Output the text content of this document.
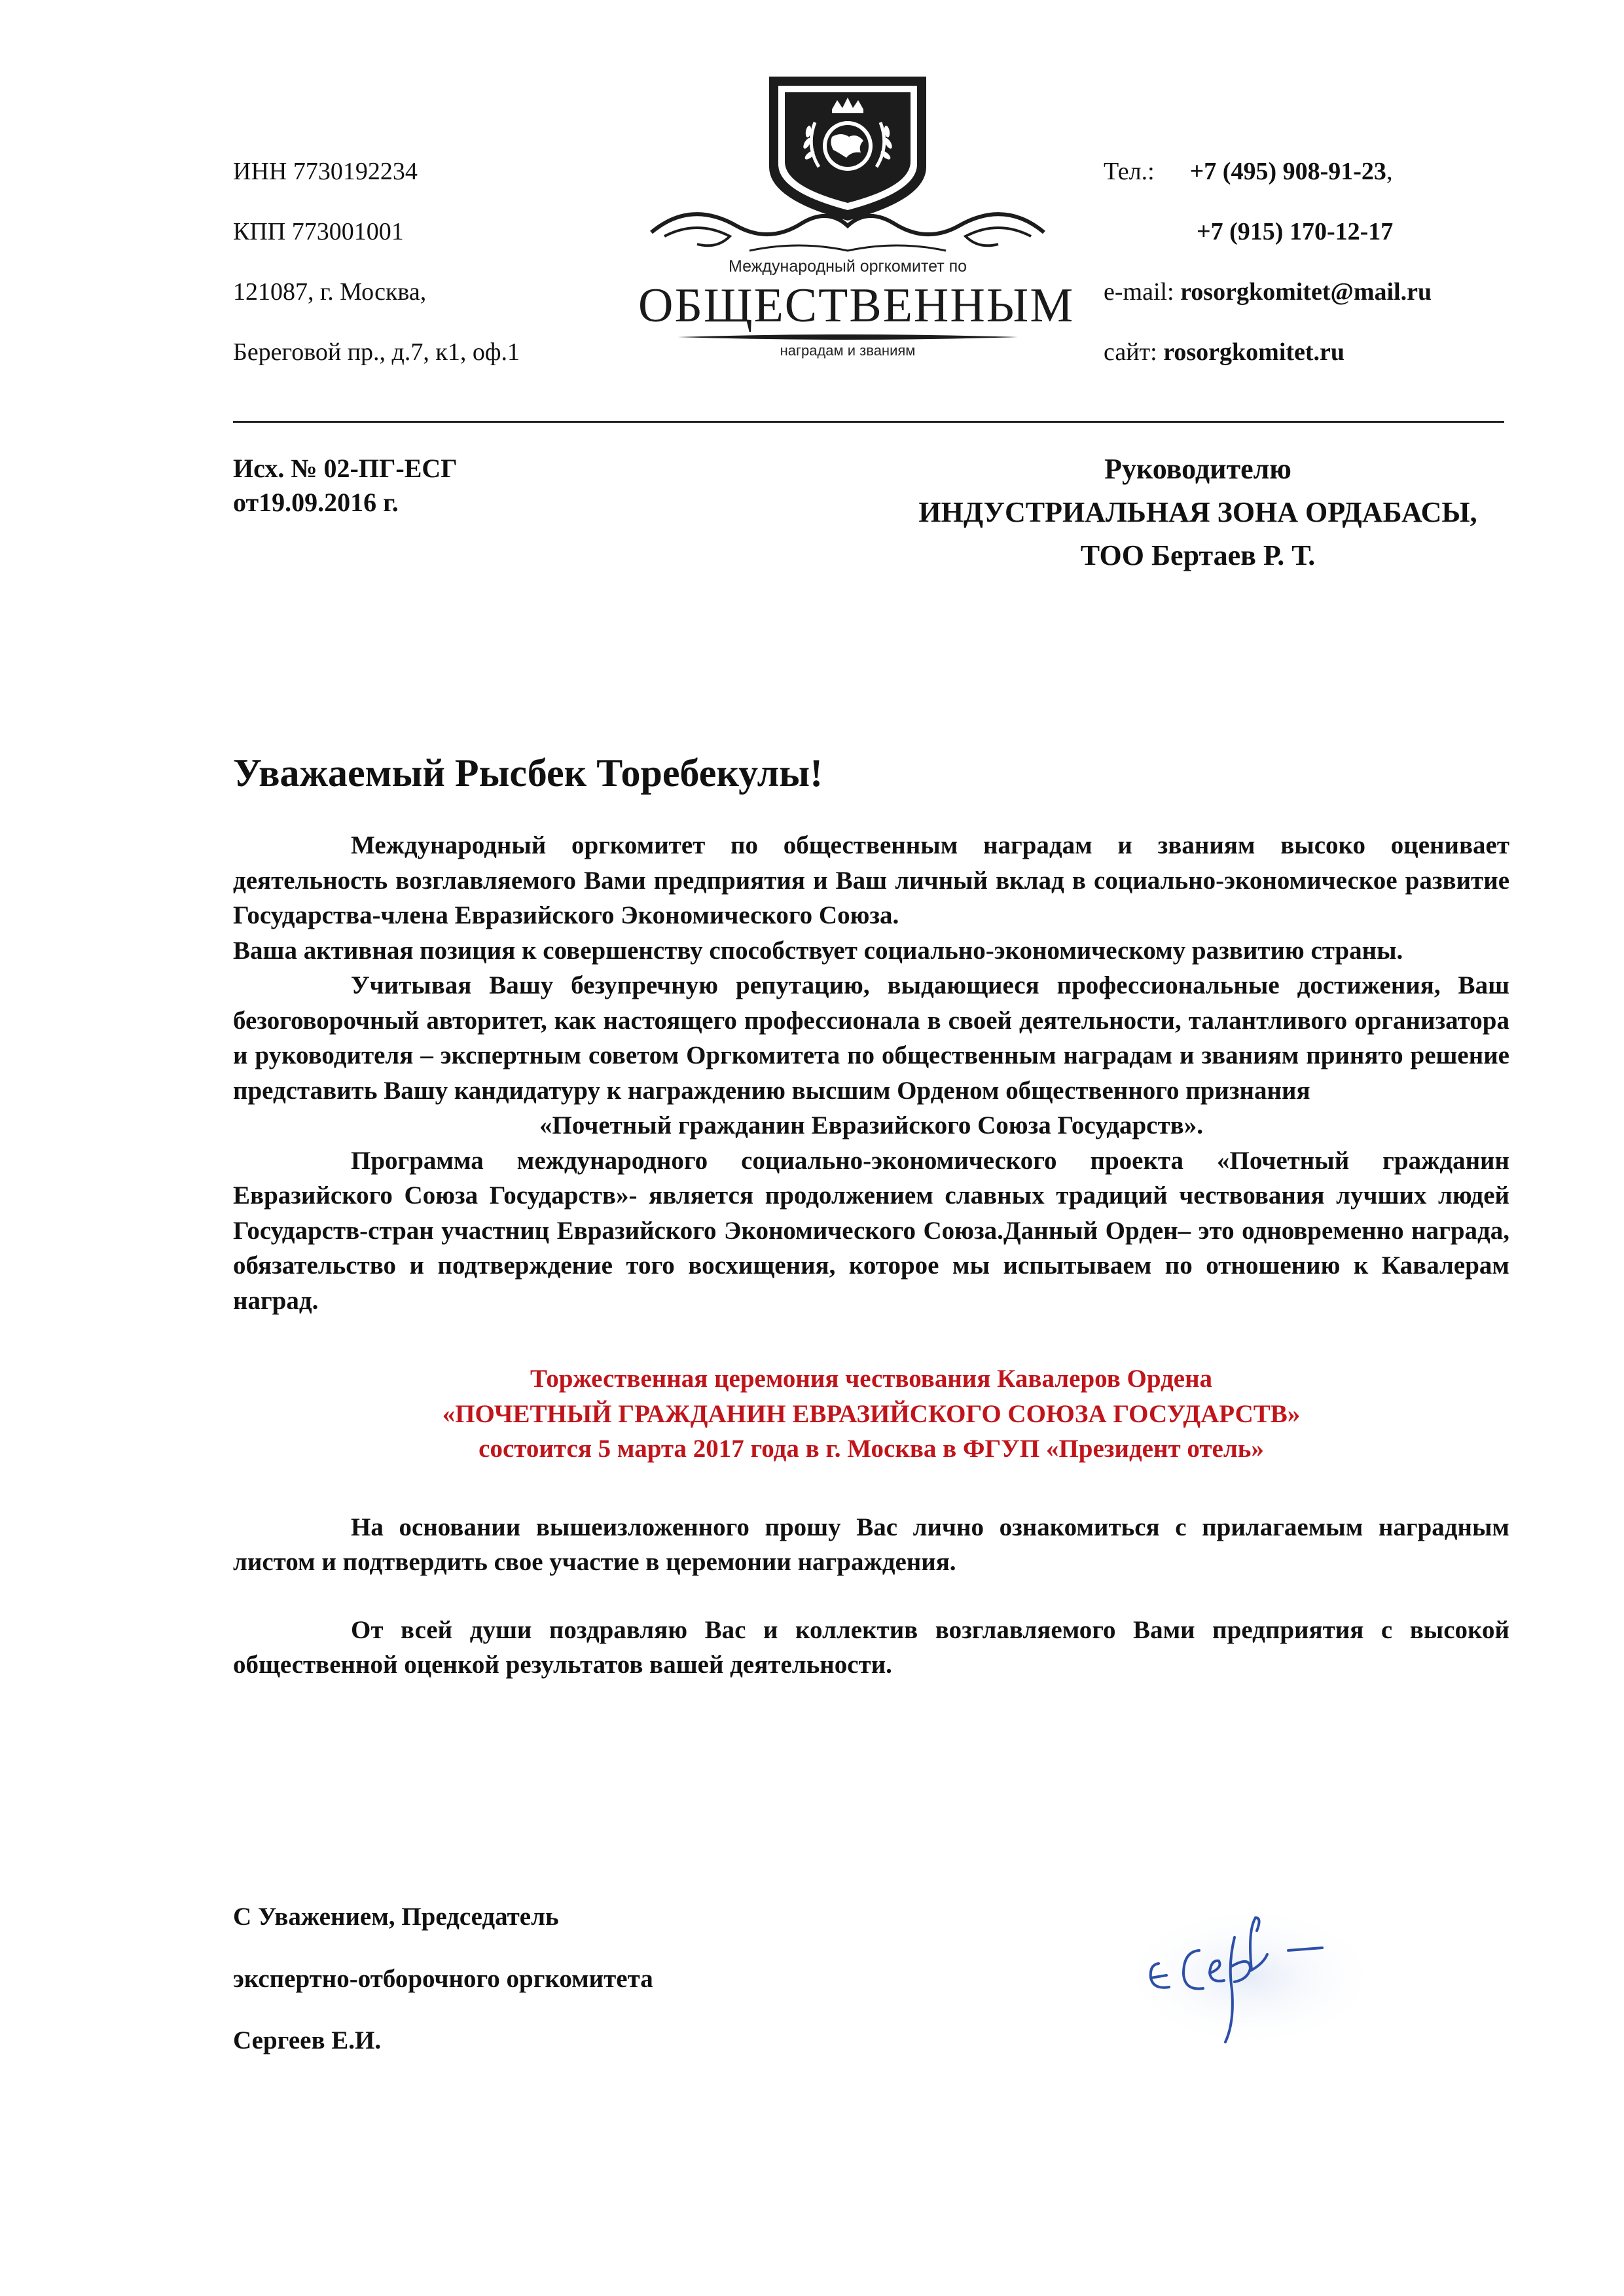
ИНН 7730192234
КПП 773001001
121087, г. Москва,
Береговой пр., д.7, к1, оф.1
Тел.: +7 (495) 908-91-23,
+7 (915) 170-12-17
e-mail: rosorgkomitet@mail.ru
сайт: rosorgkomitet.ru
Международный оргкомитет по
ОБЩЕСТВЕННЫМ
наградам и званиям
Исх. № 02-ПГ-ЕСГ
от19.09.2016 г.
Руководителю
ИНДУСТРИАЛЬНАЯ ЗОНА ОРДАБАСЫ,
ТОО Бертаев Р. Т.
Уважаемый Рысбек Торебекулы!

Международный оргкомитет по общественным наградам и званиям высоко оценивает деятельность возглавляемого Вами предприятия и Ваш личный вклад в социально-экономическое развитие Государства-члена Евразийского Экономического Союза.

Ваша активная позиция к совершенству способствует социально-экономическому развитию страны.

Учитывая Вашу безупречную репутацию, выдающиеся профессиональные достижения, Ваш безоговорочный авторитет, как настоящего профессионала в своей деятельности, талантливого организатора и руководителя – экспертным советом Оргкомитета по общественным наградам и званиям принято решение представить Вашу кандидатуру к награждению высшим Орденом общественного признания

«Почетный гражданин Евразийского Союза Государств».

Программа международного социально-экономического проекта «Почетный гражданин Евразийского Союза Государств»- является продолжением славных традиций чествования лучших людей Государств-стран участниц Евразийского Экономического Союза.Данный Орден– это одновременно награда, обязательство и подтверждение того восхищения, которое мы испытываем по отношению к Кавалерам наград.

Торжественная церемония чествования Кавалеров Ордена

«ПОЧЕТНЫЙ ГРАЖДАНИН ЕВРАЗИЙСКОГО СОЮЗА ГОСУДАРСТВ»

состоится 5 марта 2017 года в г. Москва в ФГУП «Президент отель»

На основании вышеизложенного прошу Вас лично ознакомиться с прилагаемым наградным листом и подтвердить свое участие в церемонии награждения.

От всей души поздравляю Вас и коллектив возглавляемого Вами предприятия с высокой общественной оценкой результатов вашей деятельности.

С Уважением, Председатель
экспертно-отборочного оргкомитета
Сергеев Е.И.
